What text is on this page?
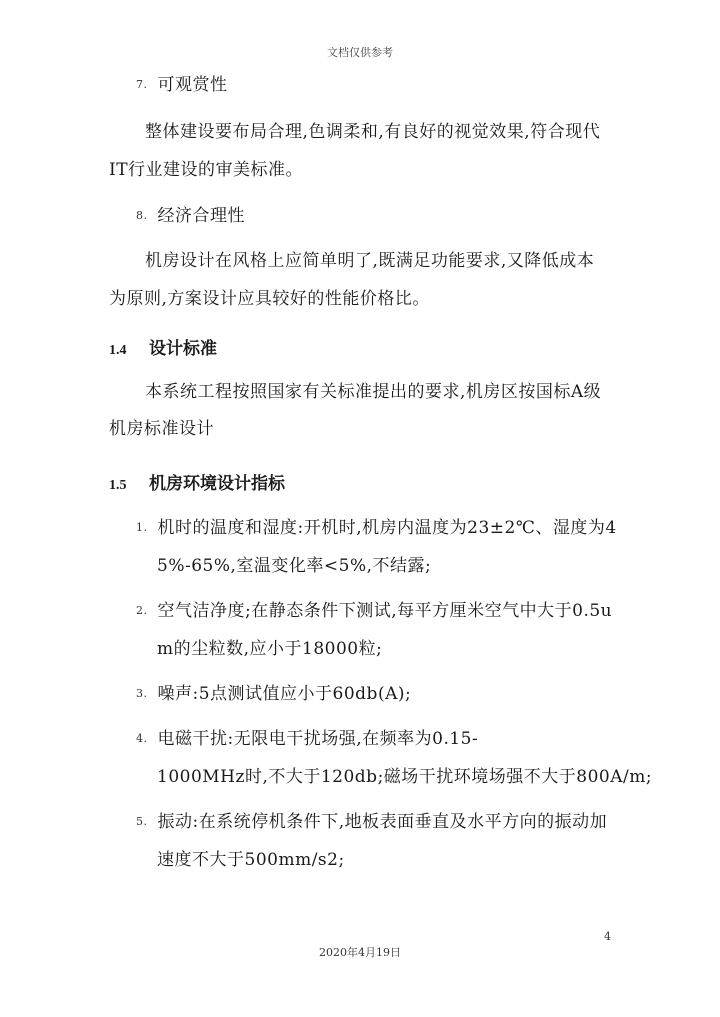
文档仅供参考
7. 可观赏性
整体建设要布局合理,色调柔和,有良好的视觉效果,符合现代
IT行业建设的审美标准。
8. 经济合理性
机房设计在风格上应简单明了,既满足功能要求,又降低成本
为原则,方案设计应具较好的性能价格比。
1.4 设计标准
本系统工程按照国家有关标准提出的要求,机房区按国标A级
机房标准设计
1.5 机房环境设计指标
1. 机时的温度和湿度:开机时,机房内温度为23±2℃、湿度为4
5%-65%,室温变化率<5%,不结露;
2. 空气洁净度;在静态条件下测试,每平方厘米空气中大于0.5u
m的尘粒数,应小于18000粒;
3. 噪声:5点测试值应小于60db(A);
4. 电磁干扰:无限电干扰场强,在频率为0.15-
1000MHz时,不大于120db;磁场干扰环境场强不大于800A/m;
5. 振动:在系统停机条件下,地板表面垂直及水平方向的振动加
速度不大于500mm/s2;
4
2020年4月19日
